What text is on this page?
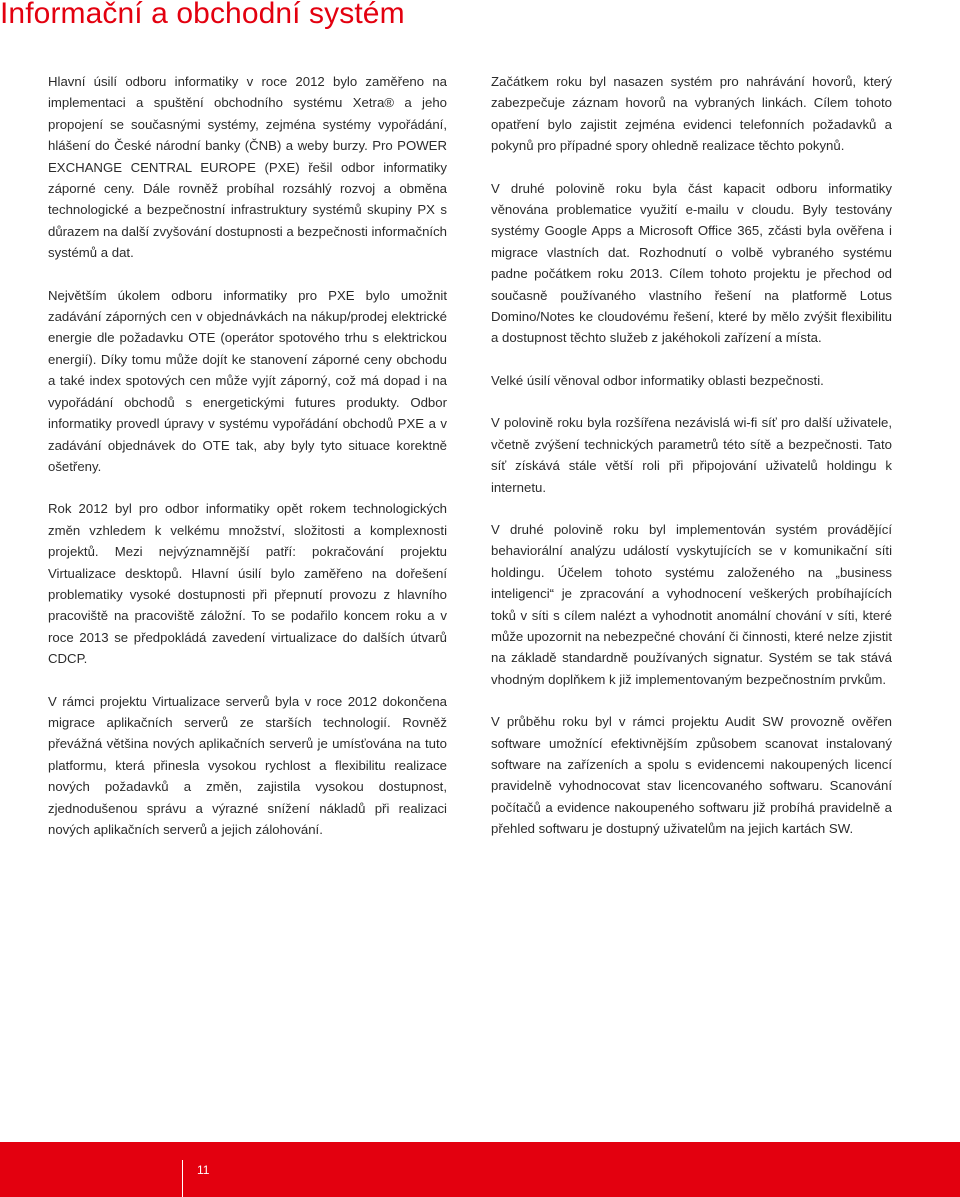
Informační a obchodní systém

Hlavní úsilí odboru informatiky v roce 2012 bylo zaměřeno na implementaci a spuštění obchodního systému Xetra® a jeho propojení se současnými systémy, zejména systémy vypořádání, hlášení do České národní banky (ČNB) a weby burzy. Pro POWER EXCHANGE CENTRAL EUROPE (PXE) řešil odbor informatiky záporné ceny. Dále rovněž probíhal rozsáhlý rozvoj a obměna technologické a bezpečnostní infrastruktury systémů skupiny PX s důrazem na další zvyšování dostupnosti a bezpečnosti informačních systémů a dat.

Největším úkolem odboru informatiky pro PXE bylo umožnit zadávání záporných cen v objednávkách na nákup/prodej elektrické energie dle požadavku OTE (operátor spotového trhu s elektrickou energií). Díky tomu může dojít ke stanovení záporné ceny obchodu a také index spotových cen může vyjít záporný, což má dopad i na vypořádání obchodů s energetickými futures produkty. Odbor informatiky provedl úpravy v systému vypořádání obchodů PXE a v zadávání objednávek do OTE tak, aby byly tyto situace korektně ošetřeny.

Rok 2012 byl pro odbor informatiky opět rokem technologických změn vzhledem k velkému množství, složitosti a komplexnosti projektů. Mezi nejvýznamnější patří: pokračování projektu Virtualizace desktopů. Hlavní úsilí bylo zaměřeno na dořešení problematiky vysoké dostupnosti při přepnutí provozu z hlavního pracoviště na pracoviště záložní. To se podařilo koncem roku a v roce 2013 se předpokládá zavedení virtualizace do dalších útvarů CDCP.

V rámci projektu Virtualizace serverů byla v roce 2012 dokončena migrace aplikačních serverů ze starších technologií. Rovněž převážná většina nových aplikačních serverů je umísťována na tuto platformu, která přinesla vysokou rychlost a flexibilitu realizace nových požadavků a změn, zajistila vysokou dostupnost, zjednodušenou správu a výrazné snížení nákladů při realizaci nových aplikačních serverů a jejich zálohování.

Začátkem roku byl nasazen systém pro nahrávání hovorů, který zabezpečuje záznam hovorů na vybraných linkách. Cílem tohoto opatření bylo zajistit zejména evidenci telefonních požadavků a pokynů pro případné spory ohledně realizace těchto pokynů.

V druhé polovině roku byla část kapacit odboru informatiky věnována problematice využití e-mailu v cloudu. Byly testovány systémy Google Apps a Microsoft Office 365, zčásti byla ověřena i migrace vlastních dat. Rozhodnutí o volbě vybraného systému padne počátkem roku 2013. Cílem tohoto projektu je přechod od současně používaného vlastního řešení na platformě Lotus Domino/Notes ke cloudovému řešení, které by mělo zvýšit flexibilitu a dostupnost těchto služeb z jakéhokoli zařízení a místa.

Velké úsilí věnoval odbor informatiky oblasti bezpečnosti.

V polovině roku byla rozšířena nezávislá wi-fi síť pro další uživatele, včetně zvýšení technických parametrů této sítě a bezpečnosti. Tato síť získává stále větší roli při připojování uživatelů holdingu k internetu.

V druhé polovině roku byl implementován systém provádějící behaviorální analýzu událostí vyskytujících se v komunikační síti holdingu. Účelem tohoto systému založeného na „business inteligenci“ je zpracování a vyhodnocení veškerých probíhajících toků v síti s cílem nalézt a vyhodnotit anomální chování v síti, které může upozornit na nebezpečné chování či činnosti, které nelze zjistit na základě standardně používaných signatur. Systém se tak stává vhodným doplňkem k již implementovaným bezpečnostním prvkům.

V průběhu roku byl v rámci projektu Audit SW provozně ověřen software umožnící efektivnějším způsobem scanovat instalovaný software na zařízeních a spolu s evidencemi nakoupených licencí pravidelně vyhodnocovat stav licencovaného softwaru. Scanování počítačů a evidence nakoupeného softwaru již probíhá pravidelně a přehled softwaru je dostupný uživatelům na jejich kartách SW.

11
